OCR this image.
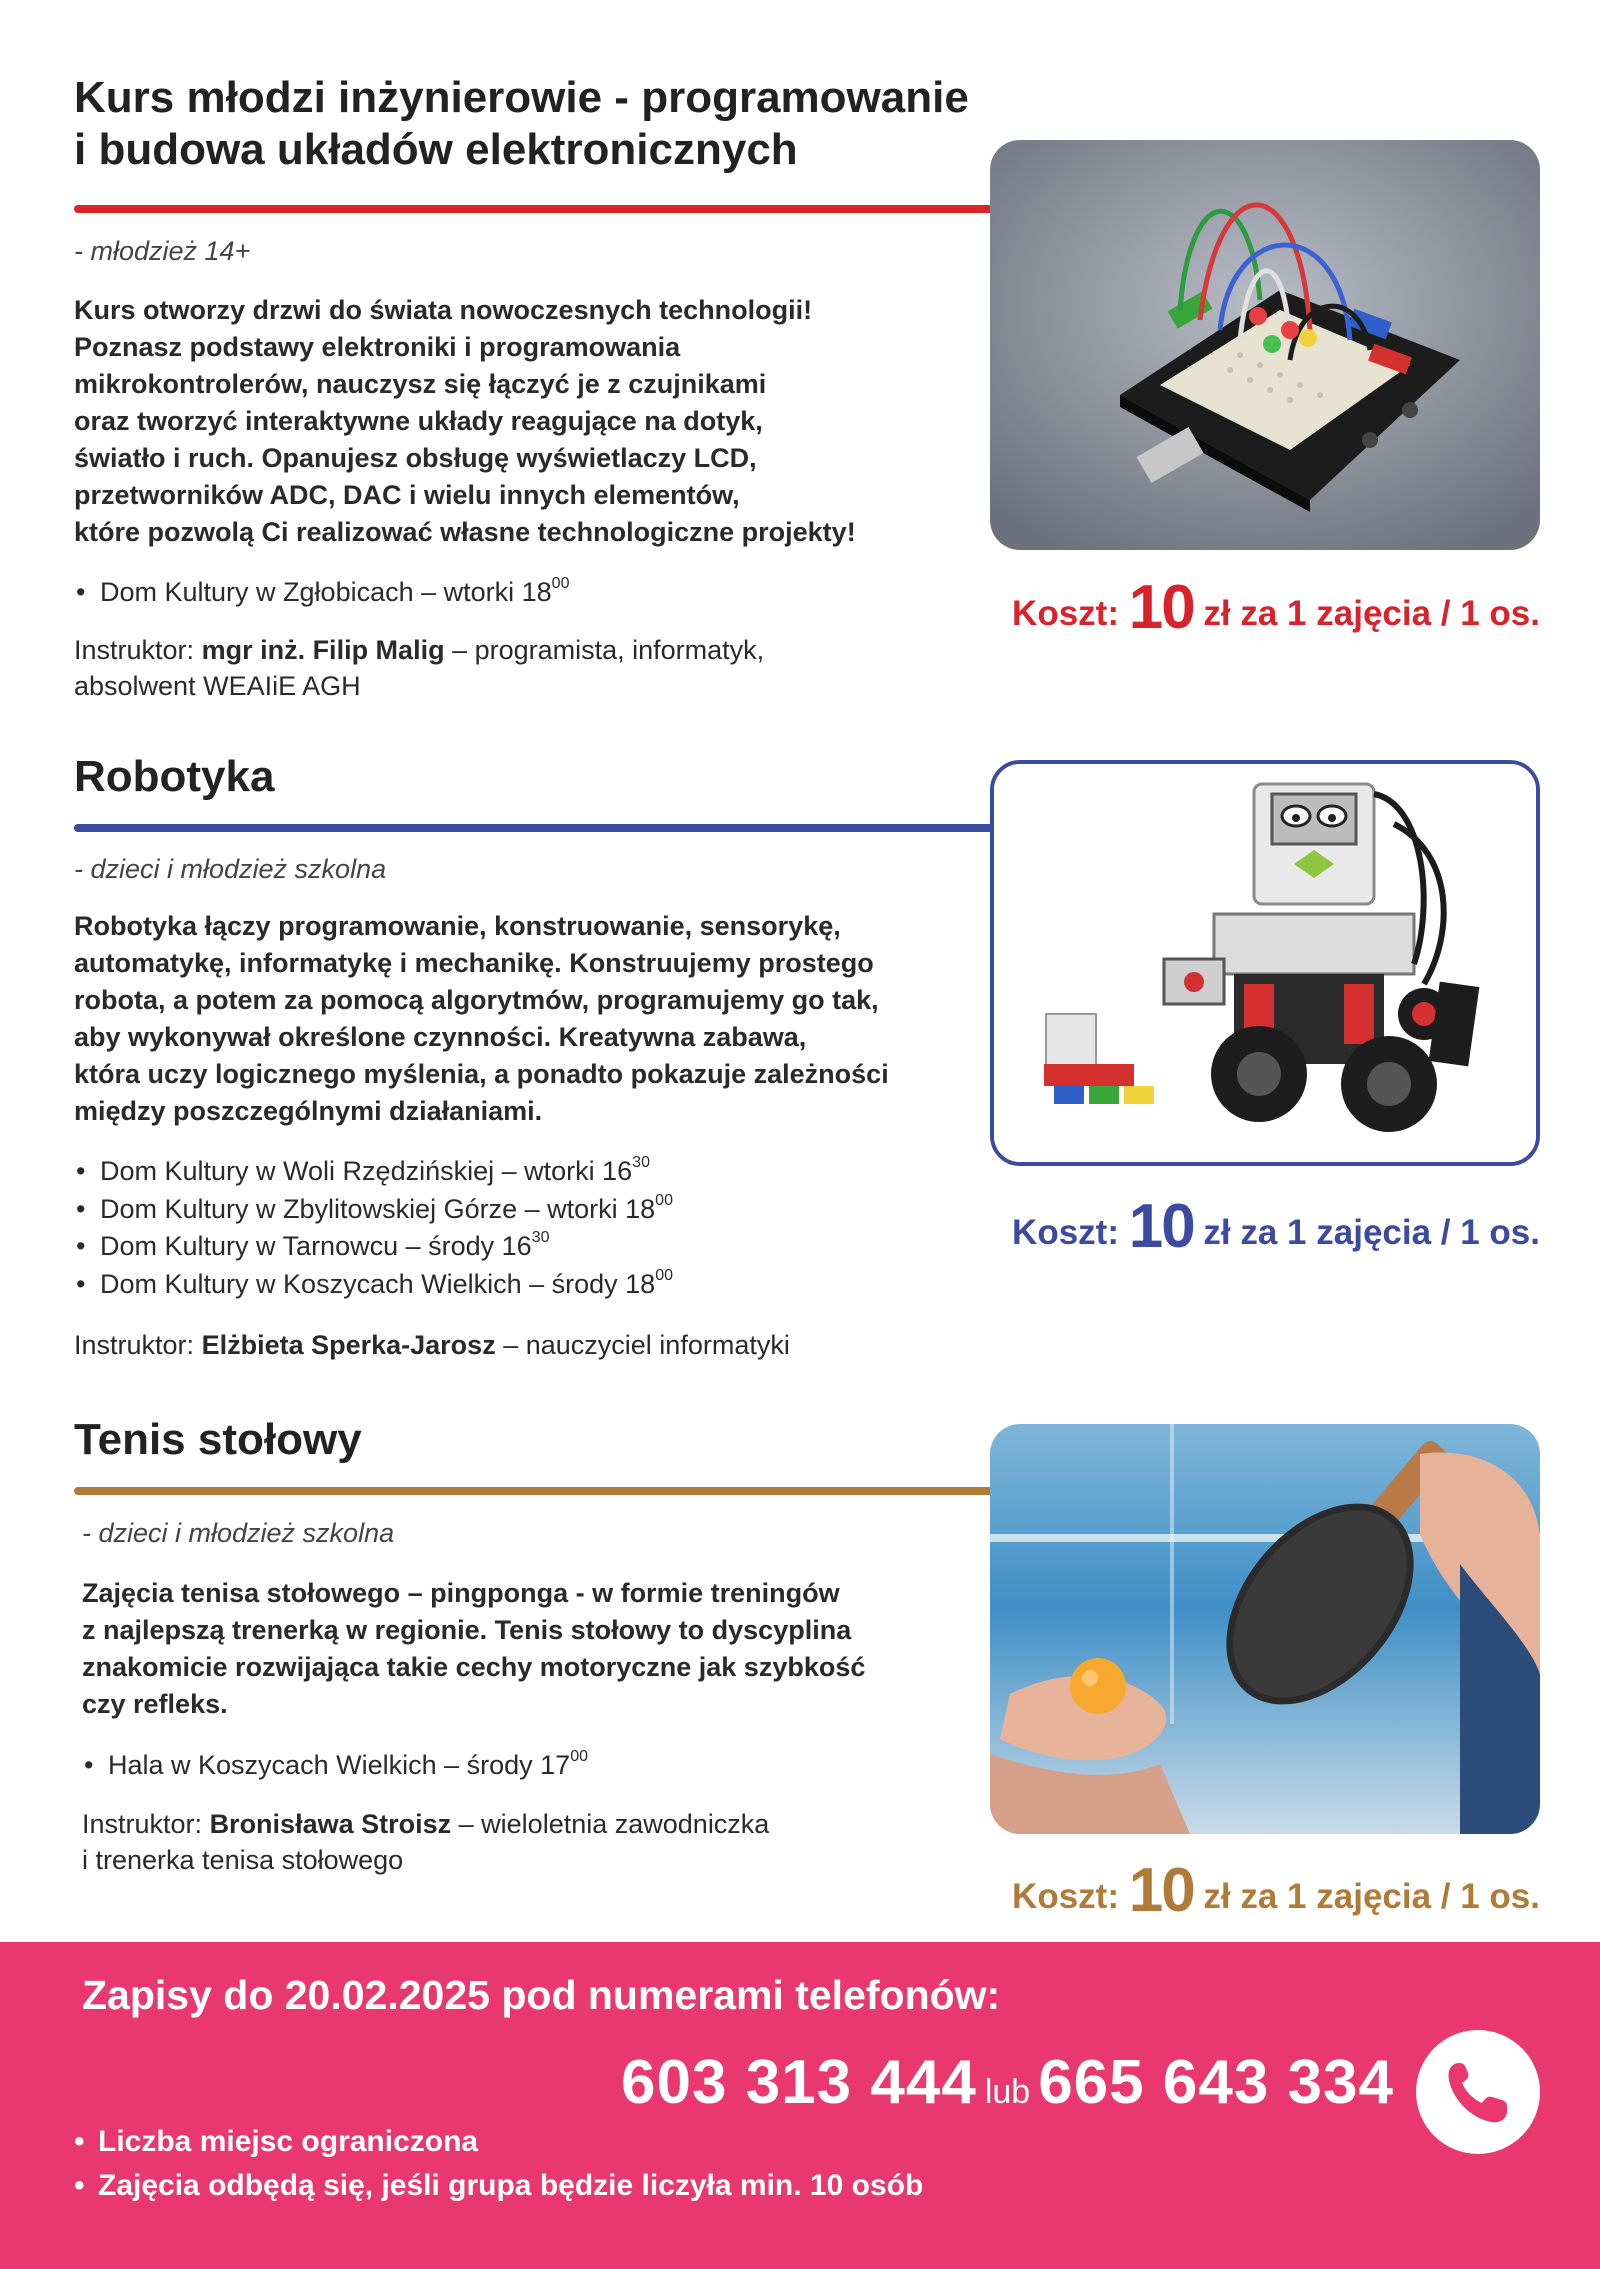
Kurs młodzi inżynierowie - programowanie
i budowa układów elektronicznych
- młodzież 14+
Kurs otworzy drzwi do świata nowoczesnych technologii!
Poznasz podstawy elektroniki i programowania
mikrokontrolerów, nauczysz się łączyć je z czujnikami
oraz tworzyć interaktywne układy reagujące na dotyk,
światło i ruch. Opanujesz obsługę wyświetlaczy LCD,
przetworników ADC, DAC i wielu innych elementów,
które pozwolą Ci realizować własne technologiczne projekty!
• Dom Kultury w Zgłobicach – wtorki $18^{00}$
Instruktor: mgr inż. Filip Malig – programista, informatyk,
absolwent WEAIiE AGH
Koszt: 10 zł za 1 zajęcia / 1 os.
Robotyka
- dzieci i młodzież szkolna
Robotyka łączy programowanie, konstruowanie, sensorykę,
automatykę, informatykę i mechanikę. Konstruujemy prostego
robota, a potem za pomocą algorytmów, programujemy go tak,
aby wykonywał określone czynności. Kreatywna zabawa,
która uczy logicznego myślenia, a ponadto pokazuje zależności
między poszczególnymi działaniami.
• Dom Kultury w Woli Rzędzińskiej – wtorki $16^{30}$
• Dom Kultury w Zbylitowskiej Górze – wtorki $18^{00}$
• Dom Kultury w Tarnowcu – środy $16^{30}$
• Dom Kultury w Koszycach Wielkich – środy $18^{00}$
Instruktor: Elżbieta Sperka-Jarosz – nauczyciel informatyki
Koszt: 10 zł za 1 zajęcia / 1 os.
Tenis stołowy
- dzieci i młodzież szkolna
Zajęcia tenisa stołowego – pingponga - w formie treningów
z najlepszą trenerką w regionie. Tenis stołowy to dyscyplina
znakomicie rozwijająca takie cechy motoryczne jak szybkość
czy refleks.
• Hala w Koszycach Wielkich – środy $17^{00}$
Instruktor: Bronisława Stroisz – wieloletnia zawodniczka
i trenerka tenisa stołowego
Koszt: 10 zł za 1 zajęcia / 1 os.
Zapisy do 20.02.2025 pod numerami telefonów:
603 313 444 lub 665 643 334
• Liczba miejsc ograniczona
• Zajęcia odbędą się, jeśli grupa będzie liczyła min. 10 osób
